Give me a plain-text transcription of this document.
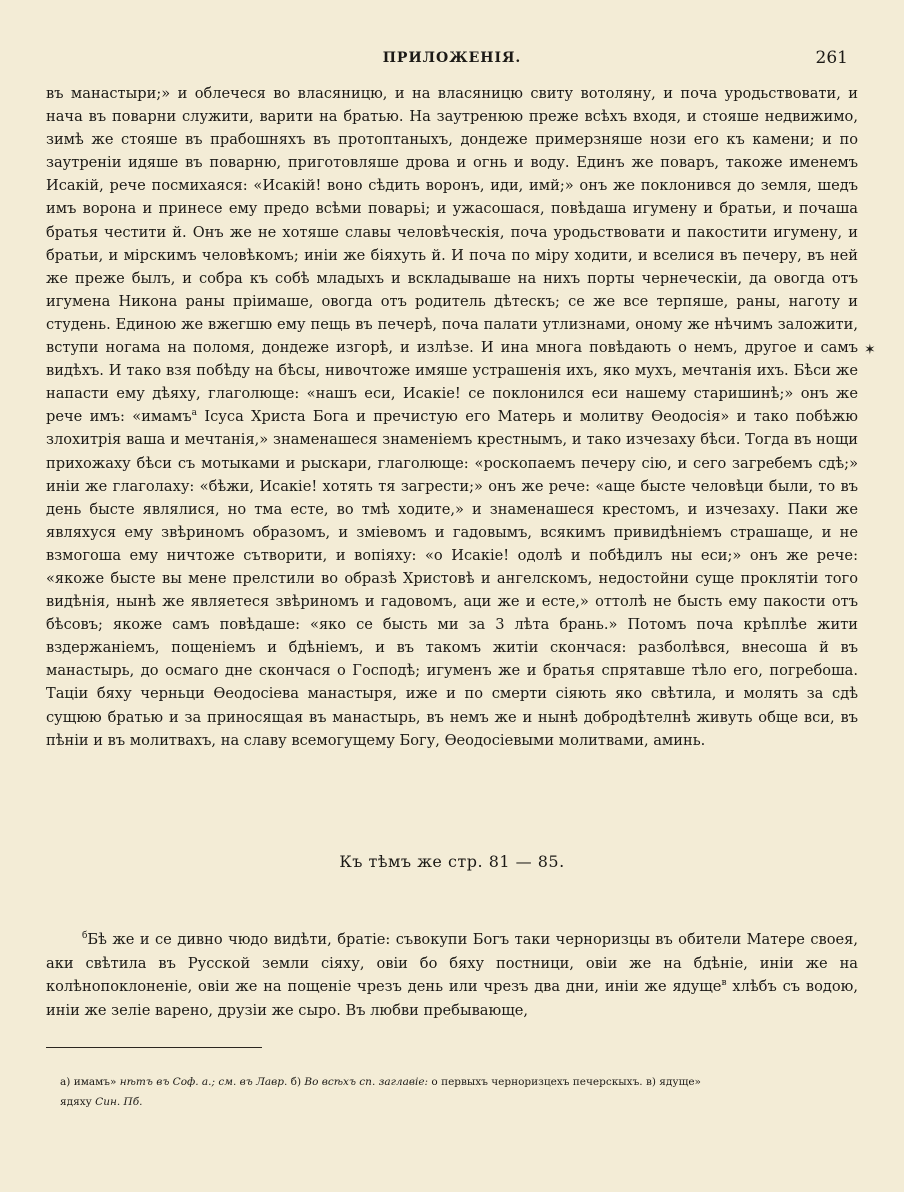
ПРИЛОЖЕНІЯ.	261

въ манастыри;» и облечеся во власяницю, и на власяницю свиту вотоляну, и поча уродьствовати, и нача въ поварни служити, варити на братью. На заутренюю преже всѣхъ входя, и стояше недвижимо, зимѣ же стояше въ прабошняхъ въ протоптаныхъ, дондеже примерзняше нози его къ камени; и по заутреніи идяше въ поварню, приготовляше дрова и огнь и воду. Единъ же поваръ, такоже именемъ Исакій, рече посмихаяся: «Исакій! воно сѣдить воронъ, иди, имй;» онъ же поклонився до земля, шедъ имъ ворона и принесе ему предо всѣми поварьі; и ужасошася, повѣдаша игумену и братьи, и почаша братья честити й. Онъ же не хотяше славы человѣческія, поча уродьствовати и пакостити игумену, и братьи, и мірскимъ человѣкомъ; иніи же біяхуть й. И поча по міру ходити, и вселися въ печеру, въ ней же преже былъ, и собра къ собѣ младыхъ и вскладываше на нихъ порты чернеческіи, да овогда отъ игумена Никона раны пріимаше, овогда отъ родитель дѣтескъ; се же все терпяше, раны, наготу и студень. Единою же вжегшю ему пещь въ печерѣ, поча палати утлизнами, оному же нѣчимъ заложити, вступи ногама на поломя, дондеже изгорѣ, и излѣзе. И ина многа повѣдають о немъ, другое и самъ видѣхъ. И тако взя побѣду на бѣсы, нивочтоже имяше устрашенія ихъ, яко мухъ, мечтанія ихъ. Бѣси же напасти ему дѣяху, глаголюще: «нашъ еси, Исакіе! се поклонился еси нашему старишинѣ;» онъ же рече имъ: «имамъ$^а$ Ісуса Христа Бога и пречистую его Матерь и молитву Өеодосія» и тако побѣжю злохитрія ваша и мечтанія,» знаменашеся знаменіемъ крестнымъ, и тако изчезаху бѣси. Тогда въ нощи прихожаху бѣси съ мотыками и рыскари, глаголюще: «роскопаемъ печеру сію, и сего загребемъ сдѣ;» иніи же глаголаху: «бѣжи, Исакіе! хотять тя загрести;» онъ же рече: «аще бысте человѣци были, то въ день бысте являлися, но тма есте, во тмѣ ходите,» и знаменашеся крестомъ, и изчезаху. Паки же являхуся ему звѣриномъ образомъ, и зміевомъ и гадовымъ, всякимъ привидѣніемъ страшаще, и не взмогоша ему ничтоже сътворити, и вопіяху: «о Исакіе! одолѣ и побѣдилъ ны еси;» онъ же рече: «якоже бысте вы мене прелстили во образѣ Христовѣ и ангелскомъ, недостойни суще проклятіи того видѣнія, нынѣ же являетеся звѣриномъ и гадовомъ, аци же и есте,» оттолѣ не бысть ему пакости отъ бѣсовъ; якоже самъ повѣдаше: «яко се бысть ми за 3 лѣта брань.» Потомъ поча крѣплѣе жити вздержаніемъ, пощеніемъ и бдѣніемъ, и въ такомъ житіи скончася: разболѣвся, внесоша й въ манастырь, до осмаго дне скончася о Господѣ; игуменъ же и братья спрятавше тѣло его, погребоша. Таціи бяху черньци Өеодосіева манастыря, иже и по смерти сіяють яко свѣтила, и молять за сдѣ сущюю братью и за приносящая въ манастырь, въ немъ же и нынѣ добродѣтелнѣ живуть обще вси, въ пѣніи и въ молитвахъ, на славу всемогущему Богу, Өеодосіевыми молитвами, аминь.

✶
Къ тѣмъ же стр. 81 — 85.

$^б$Бѣ же и се дивно чюдо видѣти, братіе: съвокупи Богъ таки черноризцы въ обители Матере своея, аки свѣтила въ Русской земли сіяху, овіи бо бяху постници, овіи же на бдѣніе, иніи же на колѣнопоклоненіе, овіи же на пощеніе чрезъ день или чрезъ два дни, иніи же ядуще$^в$ хлѣбъ съ водою, иніи же зеліе варено, друзіи же сыро. Въ любви пребывающе,

а) имамъ» нѣтъ въ Соф. а.; см. въ Лавр. б) Во всѣхъ сп. заглавіе: о первыхъ черноризцехъ печерскыхъ. в) ядуще»

ядяху Син. Пб.
